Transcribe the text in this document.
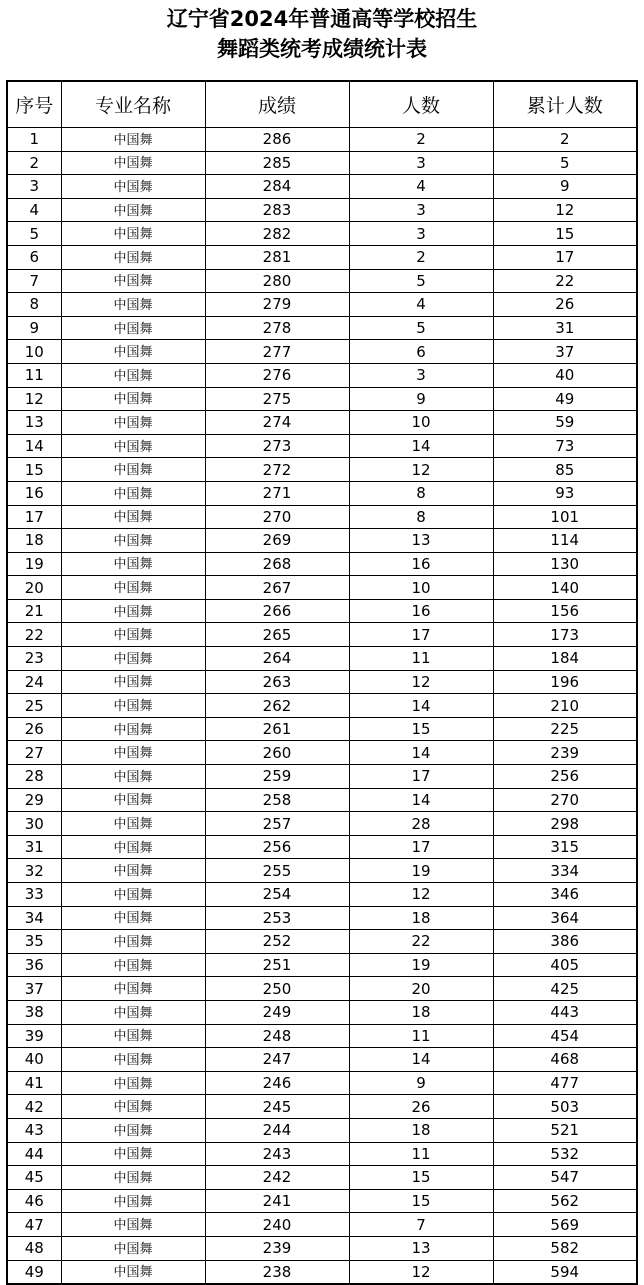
辽宁省2024年普通高等学校招生
舞蹈类统考成绩统计表
序号	专业名称	成绩	人数	累计人数
1	中国舞	286	2	2
2	中国舞	285	3	5
3	中国舞	284	4	9
4	中国舞	283	3	12
5	中国舞	282	3	15
6	中国舞	281	2	17
7	中国舞	280	5	22
8	中国舞	279	4	26
9	中国舞	278	5	31
10	中国舞	277	6	37
11	中国舞	276	3	40
12	中国舞	275	9	49
13	中国舞	274	10	59
14	中国舞	273	14	73
15	中国舞	272	12	85
16	中国舞	271	8	93
17	中国舞	270	8	101
18	中国舞	269	13	114
19	中国舞	268	16	130
20	中国舞	267	10	140
21	中国舞	266	16	156
22	中国舞	265	17	173
23	中国舞	264	11	184
24	中国舞	263	12	196
25	中国舞	262	14	210
26	中国舞	261	15	225
27	中国舞	260	14	239
28	中国舞	259	17	256
29	中国舞	258	14	270
30	中国舞	257	28	298
31	中国舞	256	17	315
32	中国舞	255	19	334
33	中国舞	254	12	346
34	中国舞	253	18	364
35	中国舞	252	22	386
36	中国舞	251	19	405
37	中国舞	250	20	425
38	中国舞	249	18	443
39	中国舞	248	11	454
40	中国舞	247	14	468
41	中国舞	246	9	477
42	中国舞	245	26	503
43	中国舞	244	18	521
44	中国舞	243	11	532
45	中国舞	242	15	547
46	中国舞	241	15	562
47	中国舞	240	7	569
48	中国舞	239	13	582
49	中国舞	238	12	594
